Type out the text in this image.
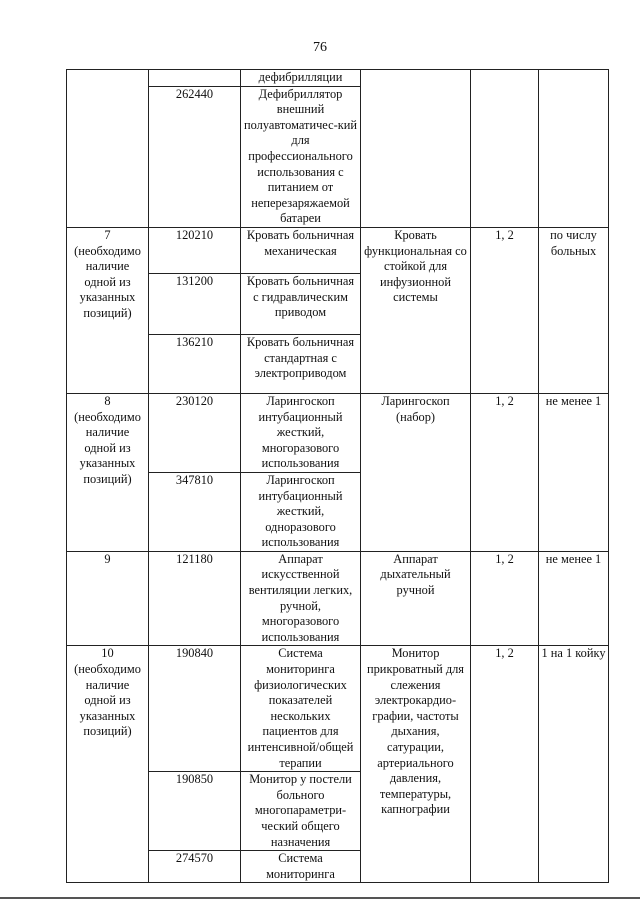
76
		дефибрилляции			
	262440	Дефибриллятор внешний полуавтоматичес-кий для профессионального использования с питанием от неперезаряжаемой батареи			

7
(необходимо наличие одной из указанных позиций)	120210	Кровать больничная механическая	Кровать функциональная со стойкой для инфузионной системы	1, 2	по числу больных
	131200	Кровать больничная с гидравлическим приводом			
	136210	Кровать больничная стандартная с электроприводом			

8
(необходимо наличие одной из указанных позиций)	230120	Ларингоскоп интубационный жесткий, многоразового использования	Ларингоскоп (набор)	1, 2	не менее 1
	347810	Ларингоскоп интубационный жесткий, одноразового использования			

9	121180	Аппарат искусственной вентиляции легких, ручной, многоразового использования	Аппарат дыхательный ручной	1, 2	не менее 1

10
(необходимо наличие одной из указанных позиций)	190840	Система мониторинга физиологических показателей нескольких пациентов для интенсивной/общей терапии	Монитор прикроватный для слежения электрокардио-графии, частоты дыхания, сатурации, артериального давления, температуры, капнографии	1, 2	1 на 1 койку
	190850	Монитор у постели больного многопараметри-ческий общего назначения			
	274570	Система мониторинга			
